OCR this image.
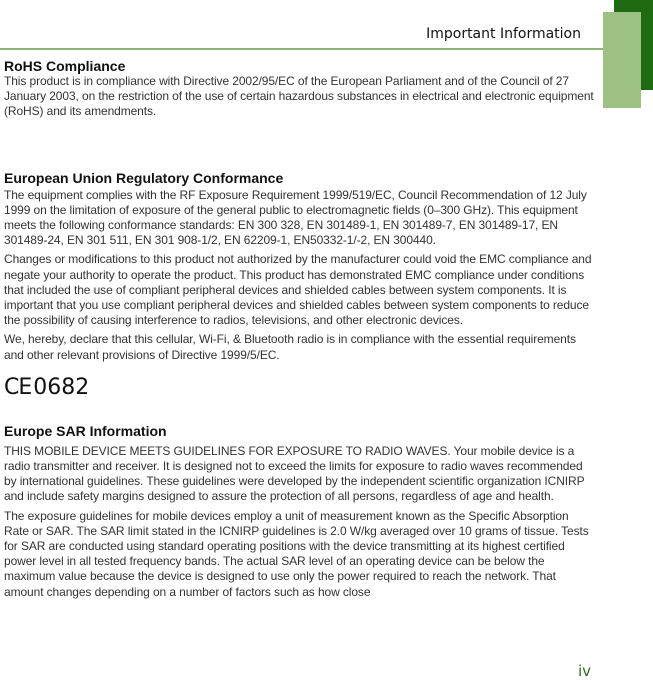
Important Information
RoHS Compliance

This product is in compliance with Directive 2002/95/EC of the European Parliament and of the Council of 27 January 2003, on the restriction of the use of certain hazardous substances in electrical and electronic equipment (RoHS) and its amendments.

European Union Regulatory Conformance

The equipment complies with the RF Exposure Requirement 1999/519/EC, Council Recommendation of 12 July 1999 on the limitation of exposure of the general public to electromagnetic fields (0–300 GHz). This equipment meets the following conformance standards: EN 300 328, EN 301489-1, EN 301489-7, EN 301489-17, EN 301489-24, EN 301 511, EN 301 908-1/2, EN 62209-1, EN50332-1/-2, EN 300440.

Changes or modifications to this product not authorized by the manufacturer could void the EMC compliance and negate your authority to operate the product. This product has demonstrated EMC compliance under conditions that included the use of compliant peripheral devices and shielded cables between system components. It is important that you use compliant peripheral devices and shielded cables between system components to reduce the possibility of causing interference to radios, televisions, and other electronic devices.

We, hereby, declare that this cellular, Wi-Fi, & Bluetooth radio is in compliance with the essential requirements and other relevant provisions of Directive 1999/5/EC.

CE 0682
Europe SAR Information

THIS MOBILE DEVICE MEETS GUIDELINES FOR EXPOSURE TO RADIO WAVES. Your mobile device is a radio transmitter and receiver. It is designed not to exceed the limits for exposure to radio waves recommended by international guidelines. These guidelines were developed by the independent scientific organization ICNIRP and include safety margins designed to assure the protection of all persons, regardless of age and health.

The exposure guidelines for mobile devices employ a unit of measurement known as the Specific Absorption Rate or SAR. The SAR limit stated in the ICNIRP guidelines is 2.0 W/kg averaged over 10 grams of tissue. Tests for SAR are conducted using standard operating positions with the device transmitting at its highest certified power level in all tested frequency bands. The actual SAR level of an operating device can be below the maximum value because the device is designed to use only the power required to reach the network. That amount changes depending on a number of factors such as how close

iv
